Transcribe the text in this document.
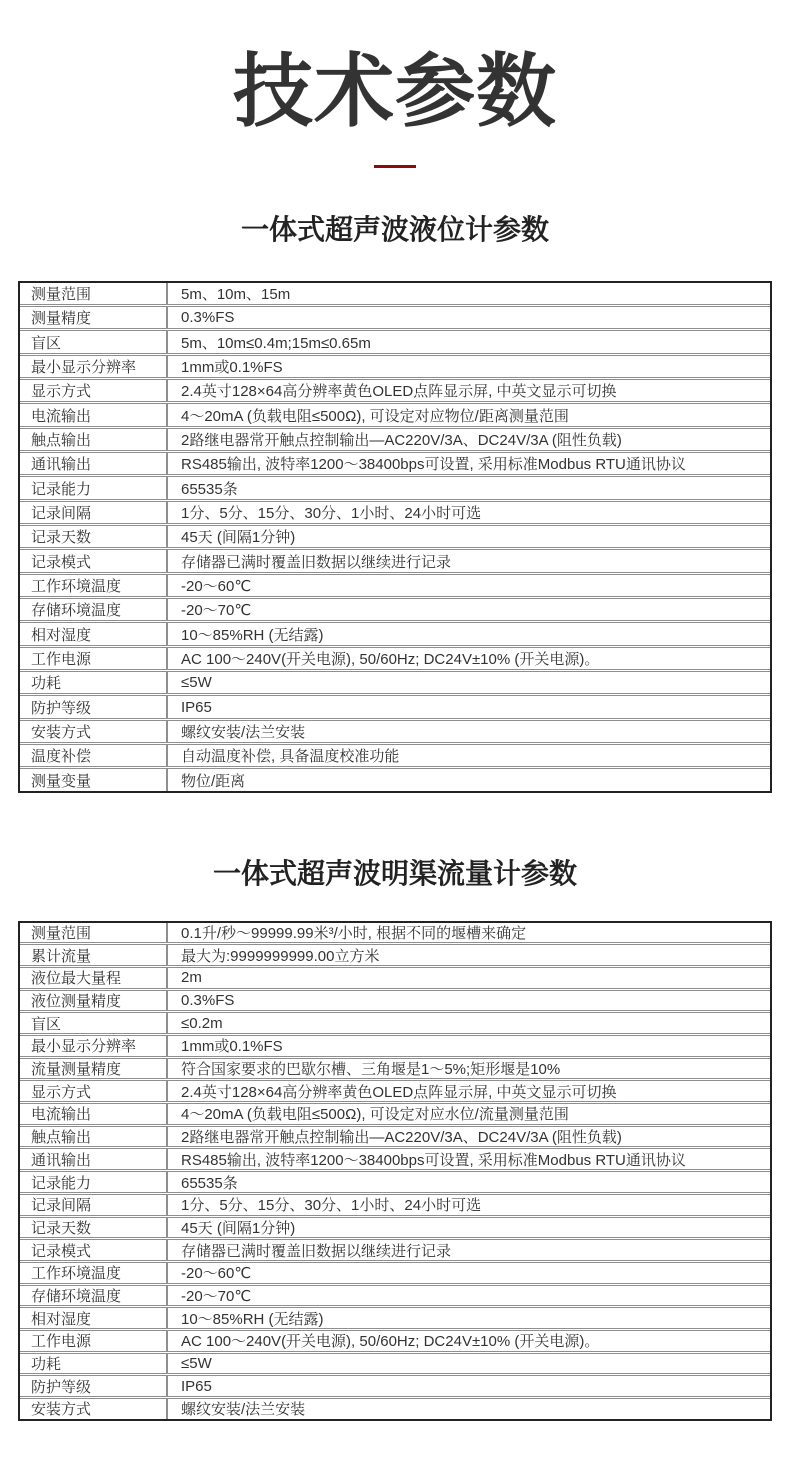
技术参数
一体式超声波液位计参数
测量范围	5m、10m、15m
测量精度	0.3%FS
盲区	5m、10m≤0.4m;15m≤0.65m
最小显示分辨率	1mm或0.1%FS
显示方式	2.4英寸128×64高分辨率黄色OLED点阵显示屏, 中英文显示可切换
电流输出	4～20mA (负载电阻≤500Ω), 可设定对应物位/距离测量范围
触点输出	2路继电器常开触点控制输出—AC220V/3A、DC24V/3A (阻性负载)
通讯输出	RS485输出, 波特率1200～38400bps可设置, 采用标准Modbus RTU通讯协议
记录能力	65535条
记录间隔	1分、5分、15分、30分、1小时、24小时可选
记录天数	45天 (间隔1分钟)
记录模式	存储器已满时覆盖旧数据以继续进行记录
工作环境温度	-20～60℃
存储环境温度	-20～70℃
相对湿度	10～85%RH (无结露)
工作电源	AC 100～240V(开关电源), 50/60Hz; DC24V±10% (开关电源)。
功耗	≤5W
防护等级	IP65
安装方式	螺纹安装/法兰安装
温度补偿	自动温度补偿, 具备温度校准功能
测量变量	物位/距离
一体式超声波明渠流量计参数
测量范围	0.1升/秒～99999.99米³/小时, 根据不同的堰槽来确定
累计流量	最大为:9999999999.00立方米
液位最大量程	2m
液位测量精度	0.3%FS
盲区	≤0.2m
最小显示分辨率	1mm或0.1%FS
流量测量精度	符合国家要求的巴歇尔槽、三角堰是1～5%;矩形堰是10%
显示方式	2.4英寸128×64高分辨率黄色OLED点阵显示屏, 中英文显示可切换
电流输出	4～20mA (负载电阻≤500Ω), 可设定对应水位/流量测量范围
触点输出	2路继电器常开触点控制输出—AC220V/3A、DC24V/3A (阻性负载)
通讯输出	RS485输出, 波特率1200～38400bps可设置, 采用标准Modbus RTU通讯协议
记录能力	65535条
记录间隔	1分、5分、15分、30分、1小时、24小时可选
记录天数	45天 (间隔1分钟)
记录模式	存储器已满时覆盖旧数据以继续进行记录
工作环境温度	-20～60℃
存储环境温度	-20～70℃
相对湿度	10～85%RH (无结露)
工作电源	AC 100～240V(开关电源), 50/60Hz; DC24V±10% (开关电源)。
功耗	≤5W
防护等级	IP65
安装方式	螺纹安装/法兰安装
